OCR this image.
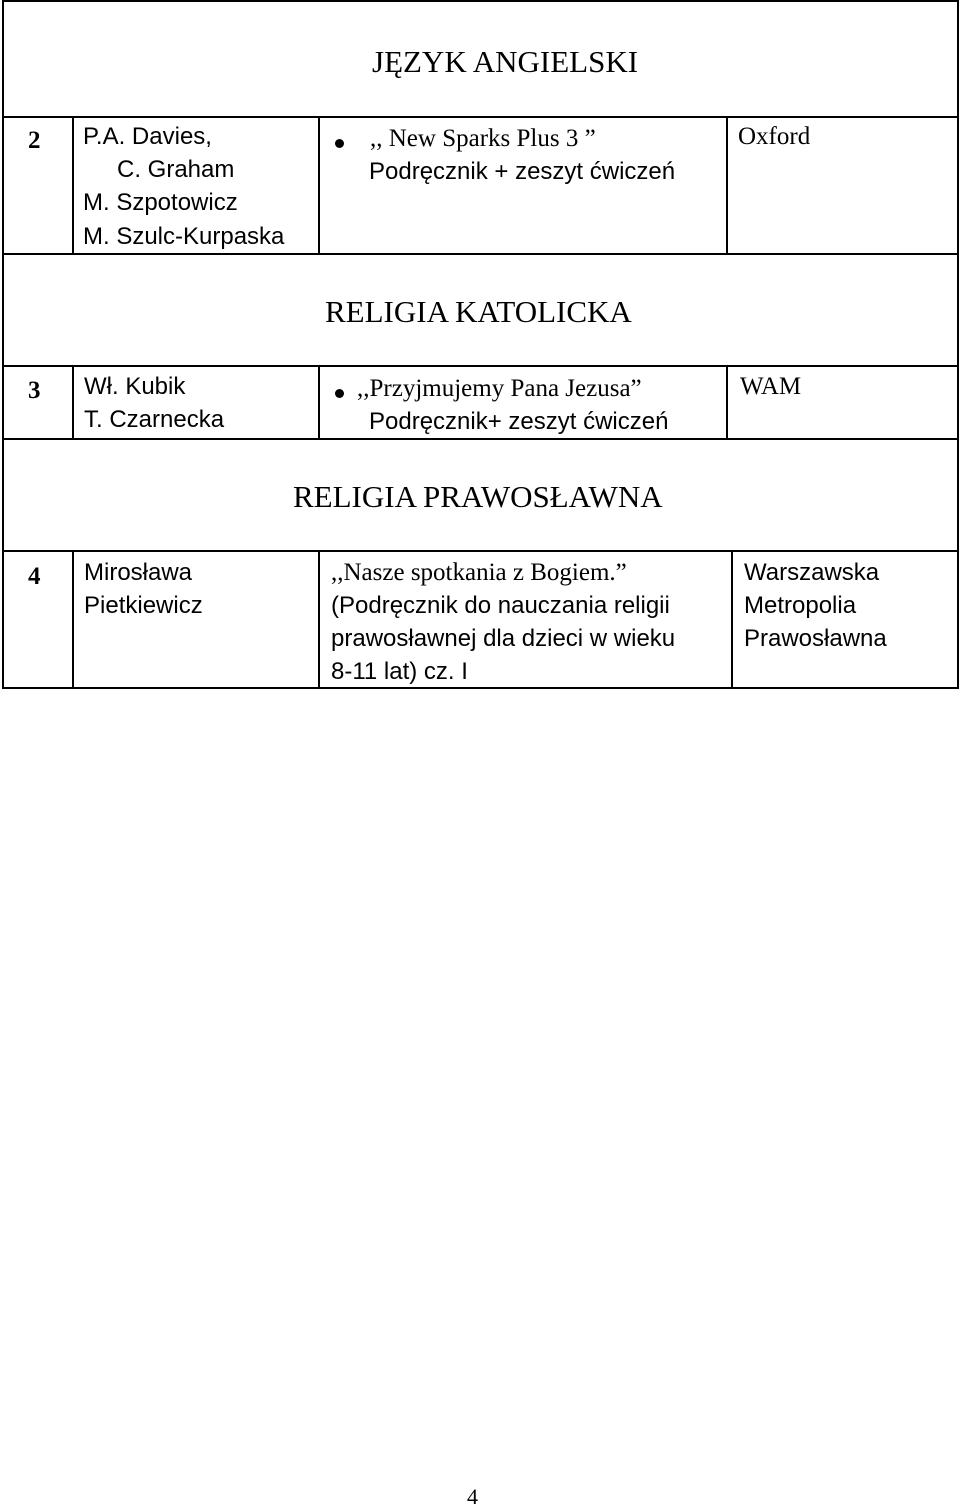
JĘZYK ANGIELSKI
2 P.A. Davies,
C. Graham
M. Szpotowicz
M. Szulc-Kurpaska
,, New Sparks Plus 3 ”
Podręcznik + zeszyt ćwiczeń
Oxford
RELIGIA KATOLICKA
3 Wł. Kubik
T. Czarnecka
,,Przyjmujemy Pana Jezusa”
Podręcznik+ zeszyt ćwiczeń
WAM
RELIGIA PRAWOSŁAWNA
4 Mirosława
Pietkiewicz
,,Nasze spotkania z Bogiem.”
(Podręcznik do nauczania religii
prawosławnej dla dzieci w wieku
8-11 lat) cz. I
Warszawska
Metropolia
Prawosławna
4
